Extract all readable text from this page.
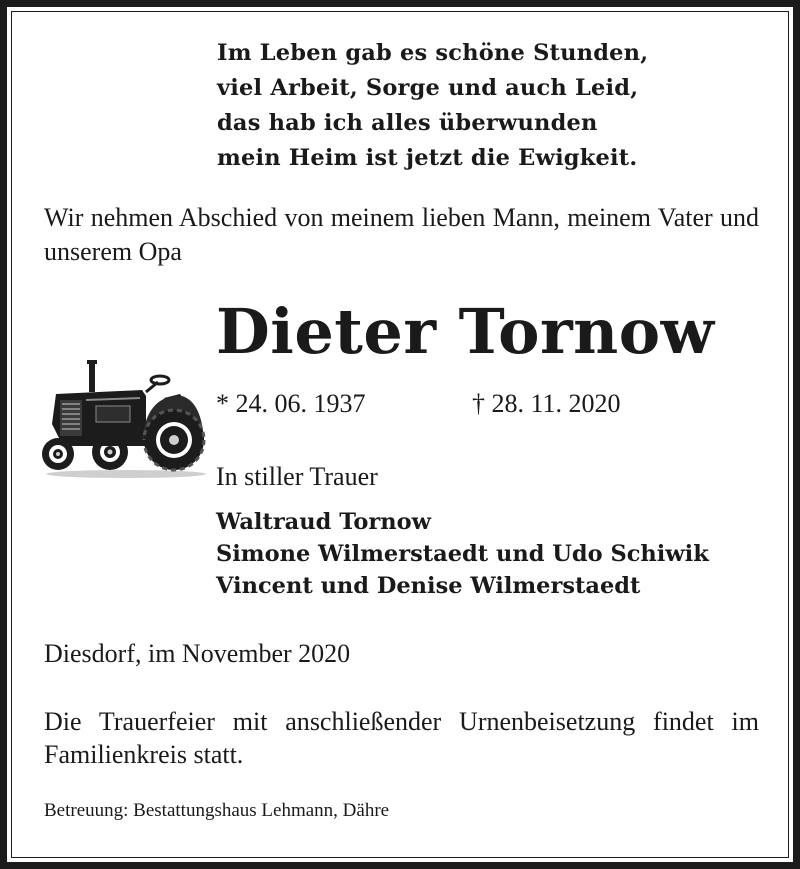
Im Leben gab es schöne Stunden,
viel Arbeit, Sorge und auch Leid,
das hab ich alles überwunden
mein Heim ist jetzt die Ewigkeit.
Wir nehmen Abschied von meinem lieben Mann, meinem Vater und unserem Opa
Dieter Tornow
* 24. 06. 1937	† 28. 11. 2020
In stiller Trauer
Waltraud Tornow
Simone Wilmerstaedt und Udo Schiwik
Vincent und Denise Wilmerstaedt
Diesdorf, im November 2020
Die Trauerfeier mit anschließender Urnenbeisetzung findet im Familienkreis statt.
Betreuung: Bestattungshaus Lehmann, Dähre
